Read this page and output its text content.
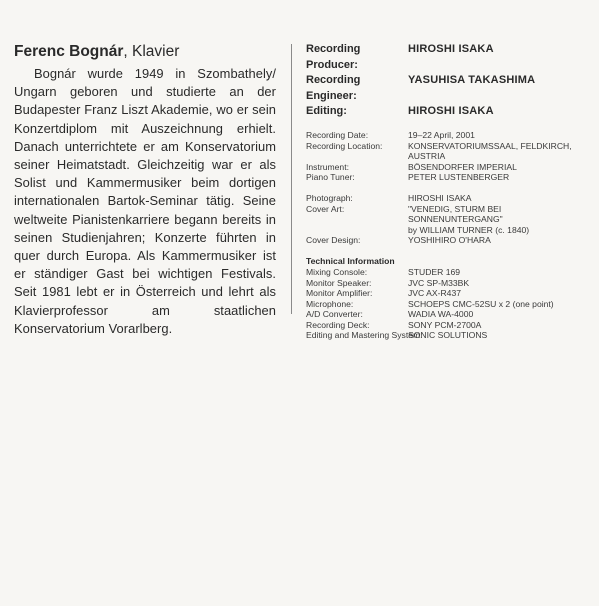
Ferenc Bognár, Klavier

Bognár wurde 1949 in Szombathely/ Ungarn geboren und studierte an der Budapester Franz Liszt Akademie, wo er sein Konzertdiplom mit Auszeichnung erhielt. Danach unterrichtete er am Konservatorium seiner Heimatstadt. Gleichzeitig war er als Solist und Kammermusiker beim dortigen internationalen Bartok-Seminar tätig. Seine weltweite Pianistenkarriere begann bereits in seinen Studienjahren; Konzerte führten in quer durch Europa. Als Kammermusiker ist er ständiger Gast bei wichtigen Festivals. Seit 1981 lebt er in Österreich und lehrt als Klavierprofessor am staatlichen Konservatorium Vorarlberg.

Recording Producer:
HIROSHI ISAKA
Recording Engineer:
YASUHISA TAKASHIMA
Editing:	HIROSHI ISAKA
Recording Date:	19–22 April, 2001
Recording Location:	KONSERVATORIUMSSAAL, FELDKIRCH, AUSTRIA
Instrument:	BÖSENDORFER IMPERIAL
Piano Tuner:	PETER LUSTENBERGER
Photograph:	HIROSHI ISAKA
Cover Art:	"VENEDIG, STURM BEI SONNENUNTERGANG"
by WILLIAM TURNER (c. 1840)
Cover Design:	YOSHIHIRO O'HARA
Technical Information
Mixing Console:	STUDER 169
Monitor Speaker:	JVC SP-M33BK
Monitor Amplifier:	JVC AX-R437
Microphone:	SCHOEPS CMC-52SU x 2 (one point)
A/D Converter:	WADIA WA-4000
Recording Deck:	SONY PCM-2700A
Editing and Mastering System:
SONIC SOLUTIONS
